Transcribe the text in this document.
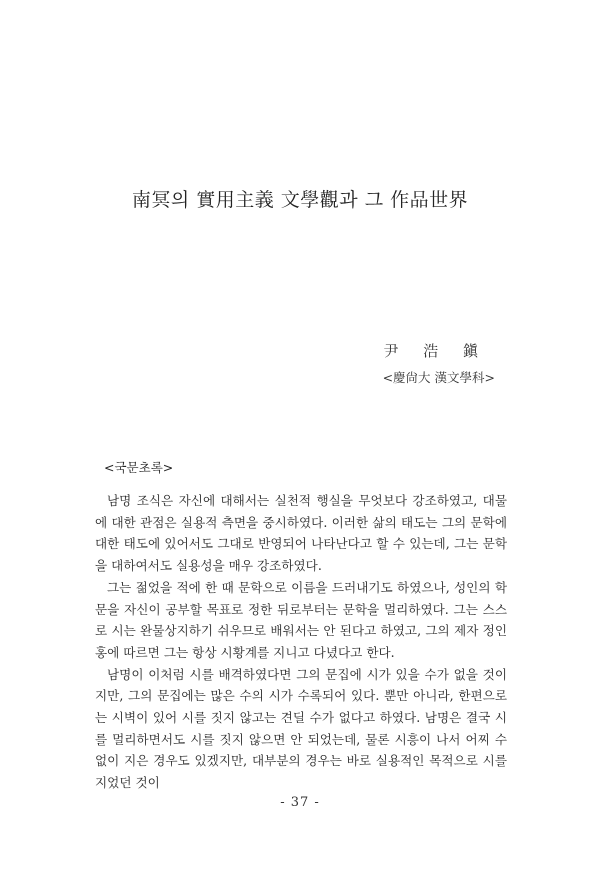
南冥의 實用主義 文學觀과 그 作品世界
尹 浩 鎭
<慶尙大 漢文學科>
<국문초록>

남명 조식은 자신에 대해서는 실천적 행실을 무엇보다 강조하였고, 대물에 대한 관점은 실용적 측면을 중시하였다. 이러한 삶의 태도는 그의 문학에 대한 태도에 있어서도 그대로 반영되어 나타난다고 할 수 있는데, 그는 문학을 대하여서도 실용성을 매우 강조하였다.

그는 젊었을 적에 한 때 문학으로 이름을 드러내기도 하였으나, 성인의 학문을 자신이 공부할 목표로 정한 뒤로부터는 문학을 멀리하였다. 그는 스스로 시는 완물상지하기 쉬우므로 배워서는 안 된다고 하였고, 그의 제자 정인홍에 따르면 그는 항상 시황계를 지니고 다녔다고 한다.

남명이 이처럼 시를 배격하였다면 그의 문집에 시가 있을 수가 없을 것이지만, 그의 문집에는 많은 수의 시가 수록되어 있다. 뿐만 아니라, 한편으로는 시벽이 있어 시를 짓지 않고는 견딜 수가 없다고 하였다. 남명은 결국 시를 멀리하면서도 시를 짓지 않으면 안 되었는데, 물론 시흥이 나서 어찌 수 없이 지은 경우도 있겠지만, 대부분의 경우는 바로 실용적인 목적으로 시를 지었던 것이

- 37 -
